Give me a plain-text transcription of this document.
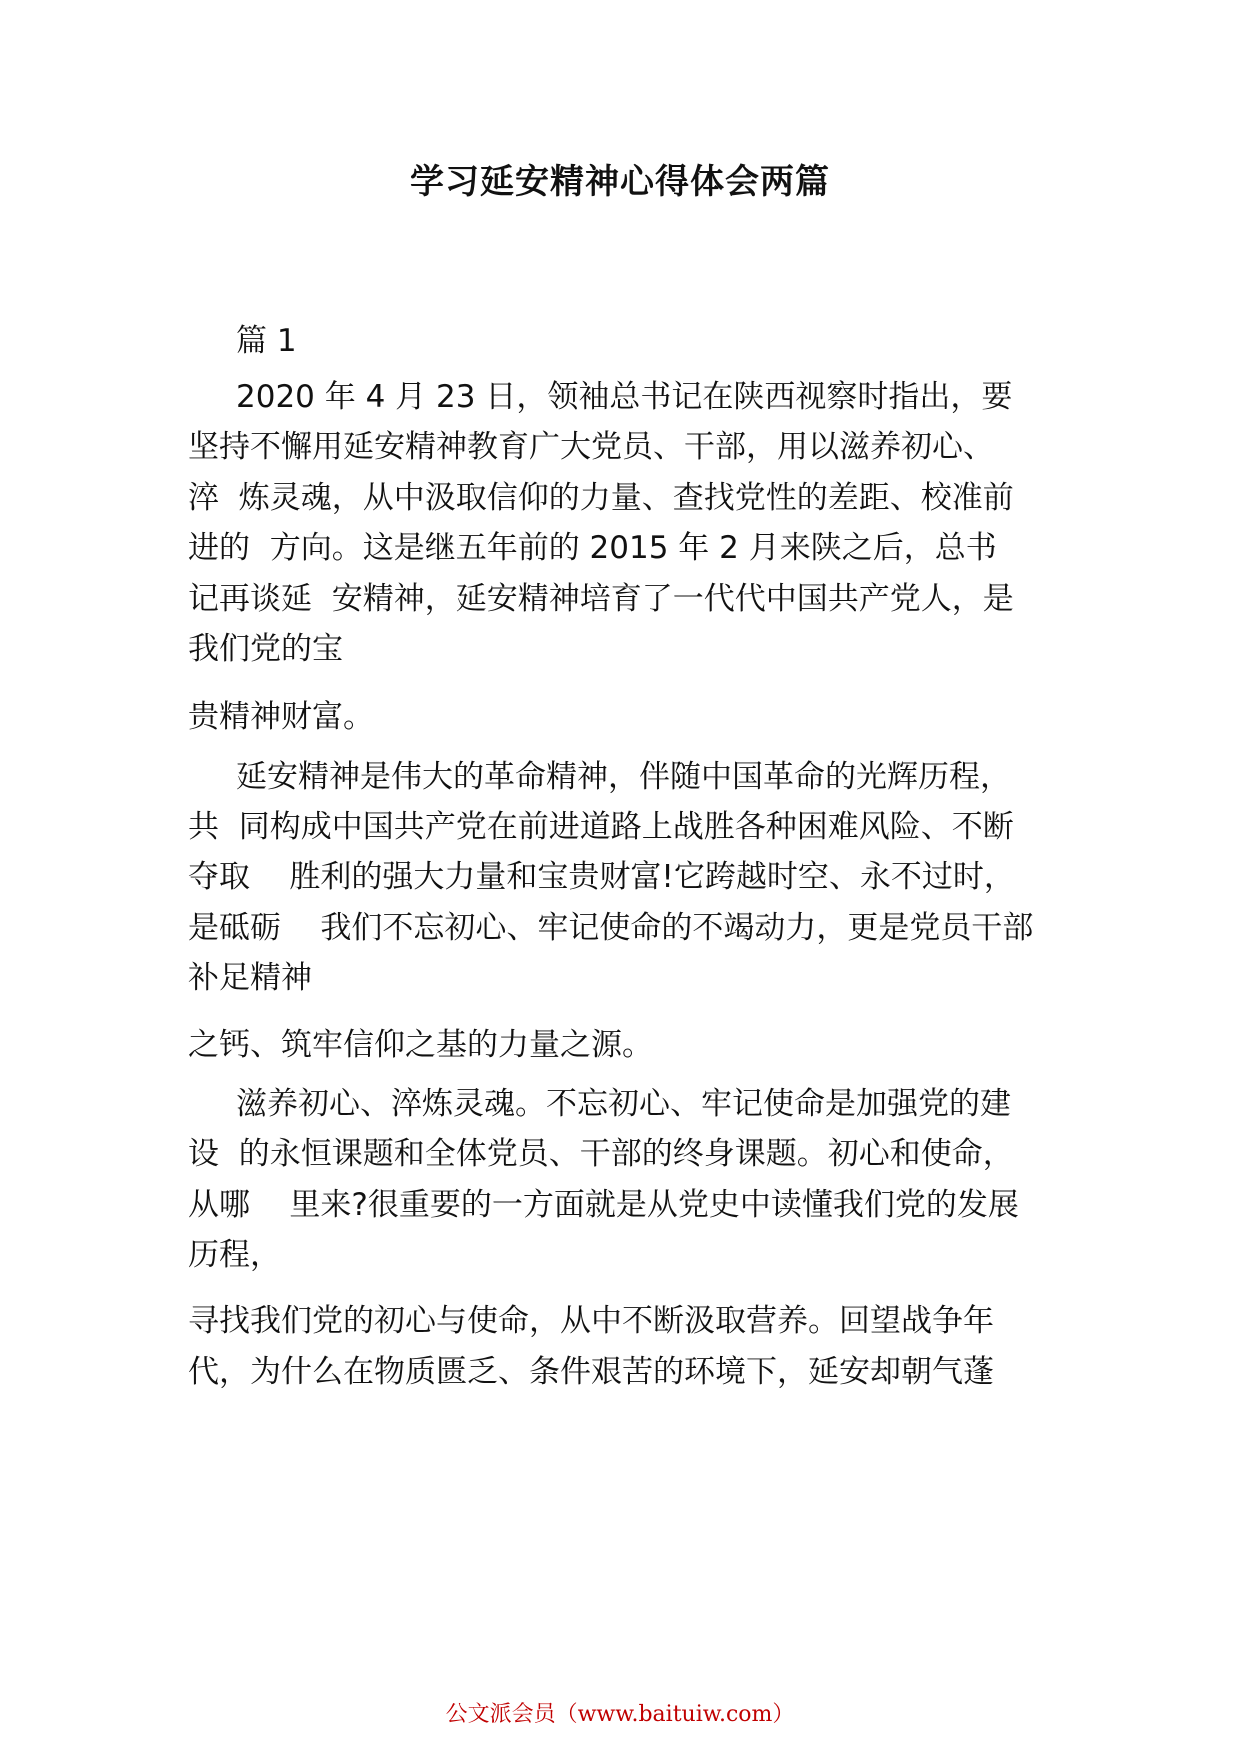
学习延安精神心得体会两篇
篇 1
2020 年 4 月 23 日，领袖总书记在陕西视察时指出，要
坚持不懈用延安精神教育广大党员、干部，用以滋养初心、
淬  炼灵魂，从中汲取信仰的力量、查找党性的差距、校准前
进的  方向。这是继五年前的 2015 年 2 月来陕之后，总书
记再谈延  安精神，延安精神培育了一代代中国共产党人，是
我们党的宝
贵精神财富。
延安精神是伟大的革命精神，伴随中国革命的光辉历程，
共  同构成中国共产党在前进道路上战胜各种困难风险、不断
夺取    胜利的强大力量和宝贵财富!它跨越时空、永不过时，
是砥砺    我们不忘初心、牢记使命的不竭动力，更是党员干部
补足精神
之钙、筑牢信仰之基的力量之源。
滋养初心、淬炼灵魂。不忘初心、牢记使命是加强党的建
设  的永恒课题和全体党员、干部的终身课题。初心和使命，
从哪    里来?很重要的一方面就是从党史中读懂我们党的发展
历程，
寻找我们党的初心与使命，从中不断汲取营养。回望战争年
代，为什么在物质匮乏、条件艰苦的环境下，延安却朝气蓬
公文派会员（www.baituiw.com）
